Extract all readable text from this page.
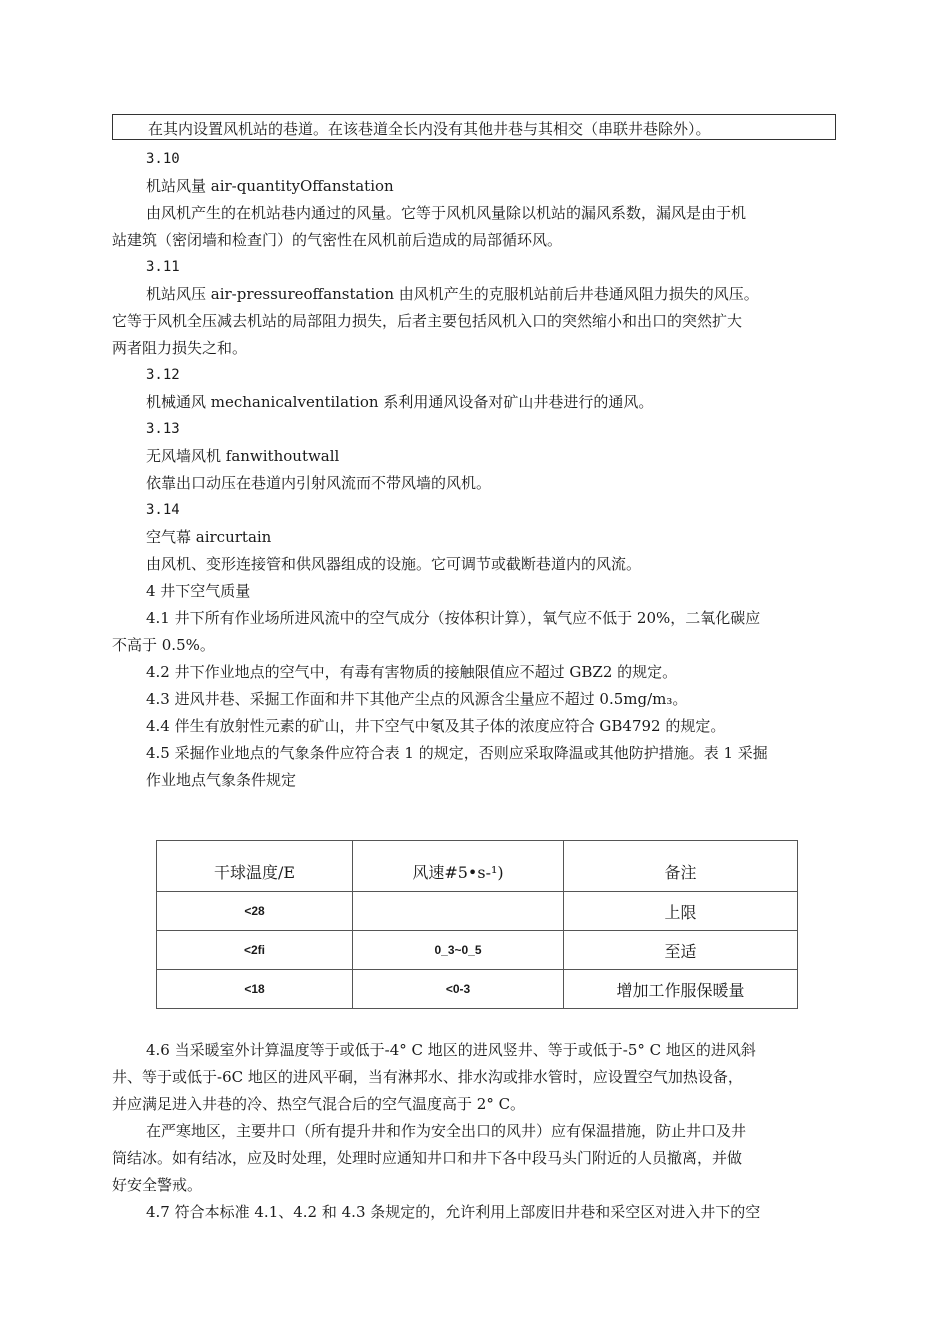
在其内设置风机站的巷道。在该巷道全长内没有其他井巷与其相交（串联井巷除外）。
3.10
机站风量 air-quantityOffanstation
由风机产生的在机站巷内通过的风量。它等于风机风量除以机站的漏风系数，漏风是由于机
站建筑（密闭墙和检查门）的气密性在风机前后造成的局部循环风。
3.11
机站风压 air-pressureoffanstation 由风机产生的克服机站前后井巷通风阻力损失的风压。
它等于风机全压减去机站的局部阻力损失，后者主要包括风机入口的突然缩小和出口的突然扩大
两者阻力损失之和。
3.12
机械通风 mechanicalventilation 系利用通风设备对矿山井巷进行的通风。
3.13
无风墙风机 fanwithoutwall
依靠出口动压在巷道内引射风流而不带风墙的风机。
3.14
空气幕 aircurtain
由风机、变形连接管和供风器组成的设施。它可调节或截断巷道内的风流。
4 井下空气质量
4.1 井下所有作业场所进风流中的空气成分（按体积计算），氧气应不低于 20%，二氧化碳应
不高于 0.5%。
4.2 井下作业地点的空气中，有毒有害物质的接触限值应不超过 GBZ2 的规定。
4.3 进风井巷、采掘工作面和井下其他产尘点的风源含尘量应不超过 0.5mg/m₃。
4.4 伴生有放射性元素的矿山，井下空气中氡及其子体的浓度应符合 GB4792 的规定。
4.5 采掘作业地点的气象条件应符合表 1 的规定，否则应采取降温或其他防护措施。表 1 采掘
作业地点气象条件规定
干球温度/E	风速#5•s-¹)	备注
<28		上限
<2fi	0_3~0_5	至适
<18	<0-3	增加工作服保暖量
4.6 当采暖室外计算温度等于或低于-4° C 地区的进风竖井、等于或低于-5° C 地区的进风斜
井、等于或低于-6C 地区的进风平硐，当有淋邦水、排水沟或排水管时，应设置空气加热设备，
并应满足进入井巷的冷、热空气混合后的空气温度高于 2° C。
在严寒地区，主要井口（所有提升井和作为安全出口的风井）应有保温措施，防止井口及井
筒结冰。如有结冰，应及时处理，处理时应通知井口和井下各中段马头门附近的人员撤离，并做
好安全警戒。
4.7 符合本标准 4.1、4.2 和 4.3 条规定的，允许利用上部废旧井巷和采空区对进入井下的空
